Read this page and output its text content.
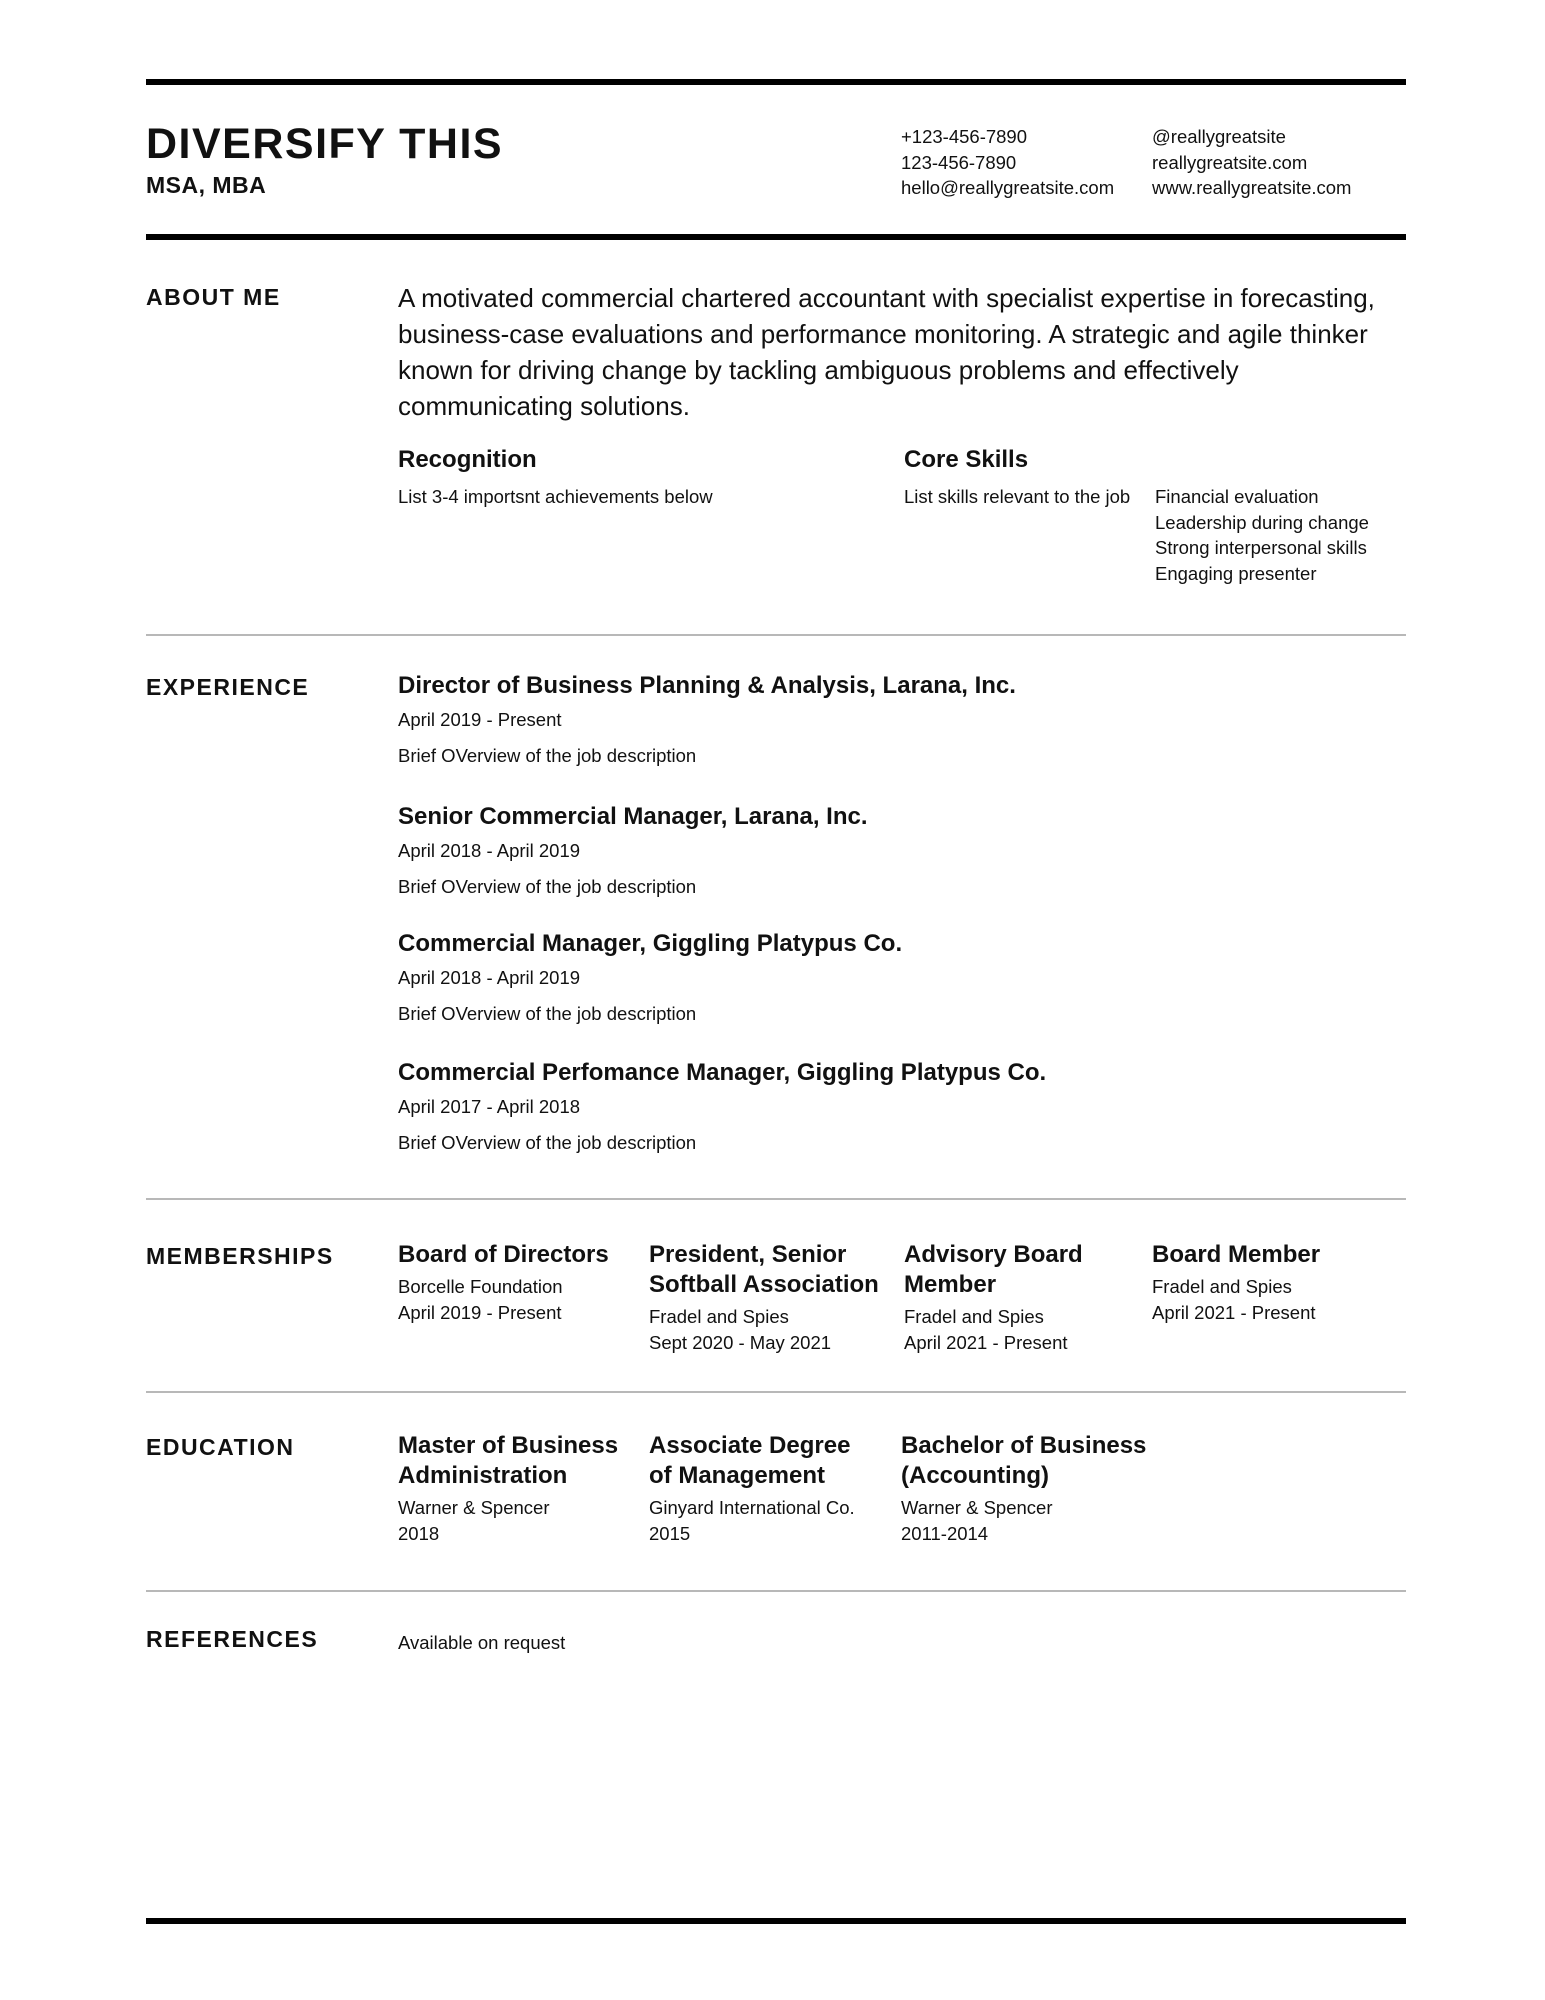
DIVERSIFY THIS
MSA, MBA
+123-456-7890
123-456-7890
hello@reallygreatsite.com
@reallygreatsite
reallygreatsite.com
www.reallygreatsite.com
ABOUT ME	A motivated commercial chartered accountant with specialist expertise in forecasting, business-case evaluations and performance monitoring. A strategic and agile thinker known for driving change by tackling ambiguous problems and effectively communicating solutions.
Recognition
List 3-4 importsnt achievements below
Core Skills
List skills relevant to the job Financial evaluation
Leadership during change
Strong interpersonal skills
Engaging presenter
EXPERIENCE	Director of Business Planning & Analysis, Larana, Inc.
April 2019 - Present
Brief OVerview of the job description
Senior Commercial Manager, Larana, Inc.
April 2018 - April 2019
Brief OVerview of the job description
Commercial Manager, Giggling Platypus Co.
April 2018 - April 2019
Brief OVerview of the job description
Commercial Perfomance Manager, Giggling Platypus Co.
April 2017 - April 2018
Brief OVerview of the job description
MEMBERSHIPS	Board of Directors
Borcelle Foundation
April 2019 - Present
President, Senior Softball Association
Fradel and Spies
Sept 2020 - May 2021
Advisory Board Member
Fradel and Spies
April 2021 - Present
Board Member
Fradel and Spies
April 2021 - Present
EDUCATION	Master of Business Administration
Warner & Spencer
2018
Associate Degree of Management
Ginyard International Co.
2015
Bachelor of Business (Accounting)
Warner & Spencer
2011-2014
REFERENCES	Available on request
